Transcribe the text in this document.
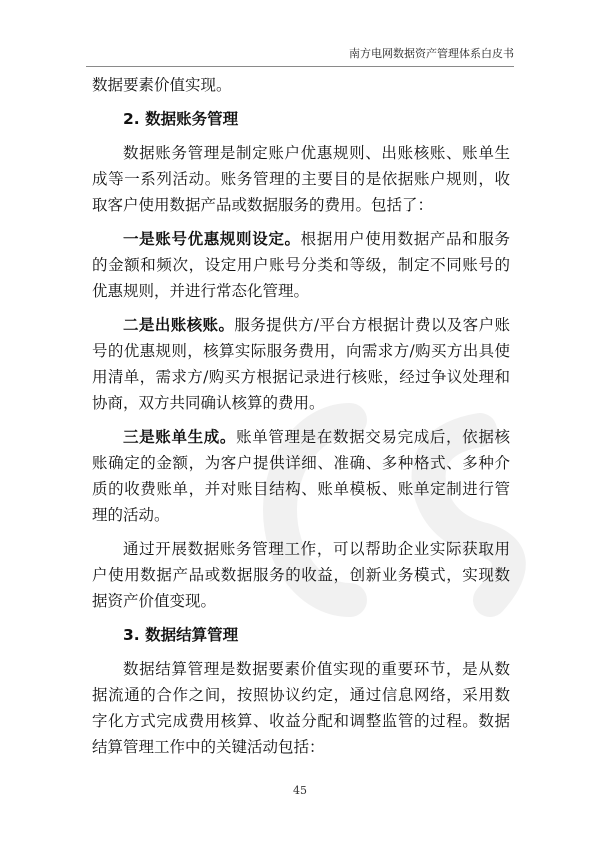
南方电网数据资产管理体系白皮书

数据要素价值实现。

2. 数据账务管理

数据账务管理是制定账户优惠规则、出账核账、账单生成等一系列活动。账务管理的主要目的是依据账户规则，收取客户使用数据产品或数据服务的费用。包括了：

一是账号优惠规则设定。根据用户使用数据产品和服务的金额和频次，设定用户账号分类和等级，制定不同账号的优惠规则，并进行常态化管理。

二是出账核账。服务提供方/平台方根据计费以及客户账号的优惠规则，核算实际服务费用，向需求方/购买方出具使用清单，需求方/购买方根据记录进行核账，经过争议处理和协商，双方共同确认核算的费用。

三是账单生成。账单管理是在数据交易完成后，依据核账确定的金额，为客户提供详细、准确、多种格式、多种介质的收费账单，并对账目结构、账单模板、账单定制进行管理的活动。

通过开展数据账务管理工作，可以帮助企业实际获取用户使用数据产品或数据服务的收益，创新业务模式，实现数据资产价值变现。

3. 数据结算管理

数据结算管理是数据要素价值实现的重要环节，是从数据流通的合作之间，按照协议约定，通过信息网络，采用数字化方式完成费用核算、收益分配和调整监管的过程。数据结算管理工作中的关键活动包括：

45
